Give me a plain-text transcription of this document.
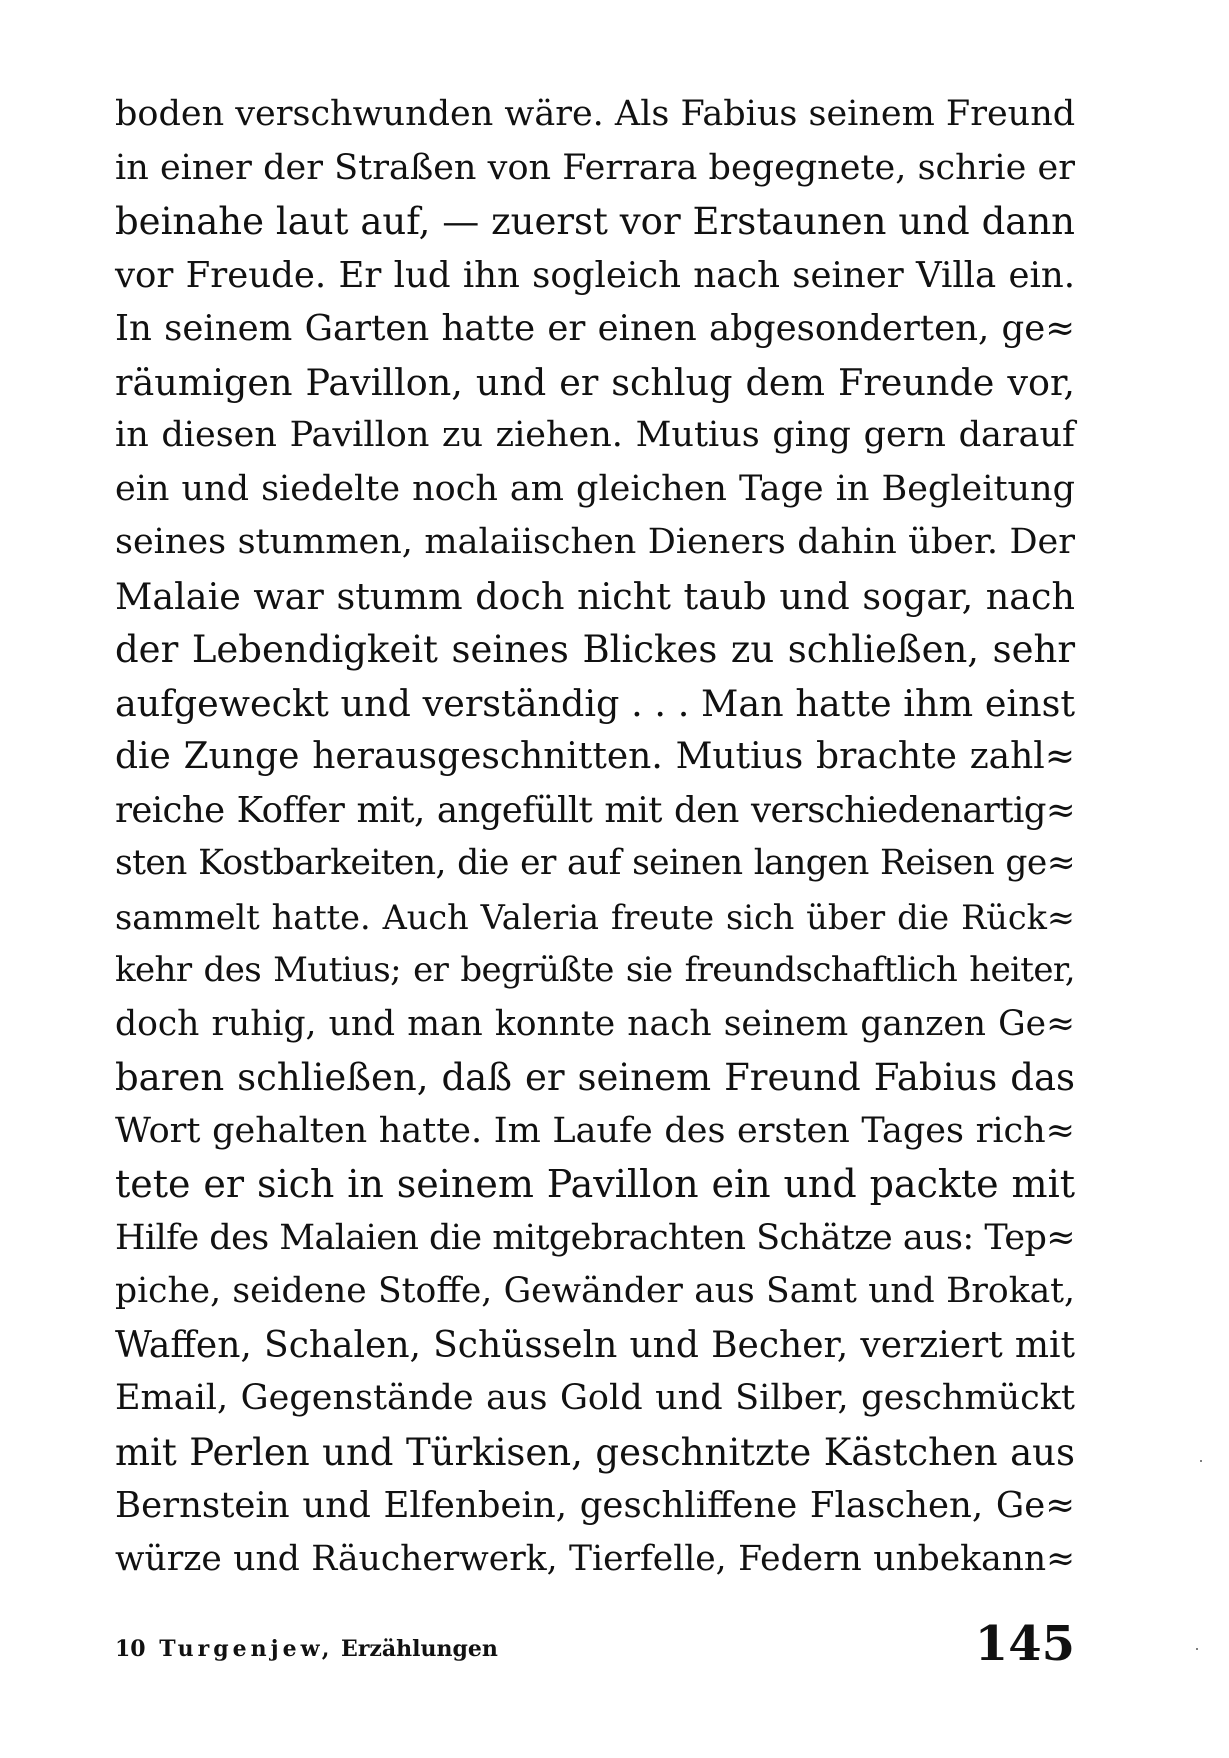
boden verschwunden wäre. Als Fabius seinem Freund
in einer der Straßen von Ferrara begegnete, schrie er
beinahe laut auf, — zuerst vor Erstaunen und dann
vor Freude. Er lud ihn sogleich nach seiner Villa ein.
In seinem Garten hatte er einen abgesonderten, ge≈
räumigen Pavillon, und er schlug dem Freunde vor,
in diesen Pavillon zu ziehen. Mutius ging gern darauf
ein und siedelte noch am gleichen Tage in Begleitung
seines stummen, malaiischen Dieners dahin über. Der
Malaie war stumm doch nicht taub und sogar, nach
der Lebendigkeit seines Blickes zu schließen, sehr
aufgeweckt und verständig . . . Man hatte ihm einst
die Zunge herausgeschnitten. Mutius brachte zahl≈
reiche Koffer mit, angefüllt mit den verschiedenartig≈
sten Kostbarkeiten, die er auf seinen langen Reisen ge≈
sammelt hatte. Auch Valeria freute sich über die Rück≈
kehr des Mutius; er begrüßte sie freundschaftlich heiter,
doch ruhig, und man konnte nach seinem ganzen Ge≈
baren schließen, daß er seinem Freund Fabius das
Wort gehalten hatte. Im Laufe des ersten Tages rich≈
tete er sich in seinem Pavillon ein und packte mit
Hilfe des Malaien die mitgebrachten Schätze aus: Tep≈
piche, seidene Stoffe, Gewänder aus Samt und Brokat,
Waffen, Schalen, Schüsseln und Becher, verziert mit
Email, Gegenstände aus Gold und Silber, geschmückt
mit Perlen und Türkisen, geschnitzte Kästchen aus
Bernstein und Elfenbein, geschliffene Flaschen, Ge≈
würze und Räucherwerk, Tierfelle, Federn unbekann≈
10 Turgenjew, Erzählungen	145
